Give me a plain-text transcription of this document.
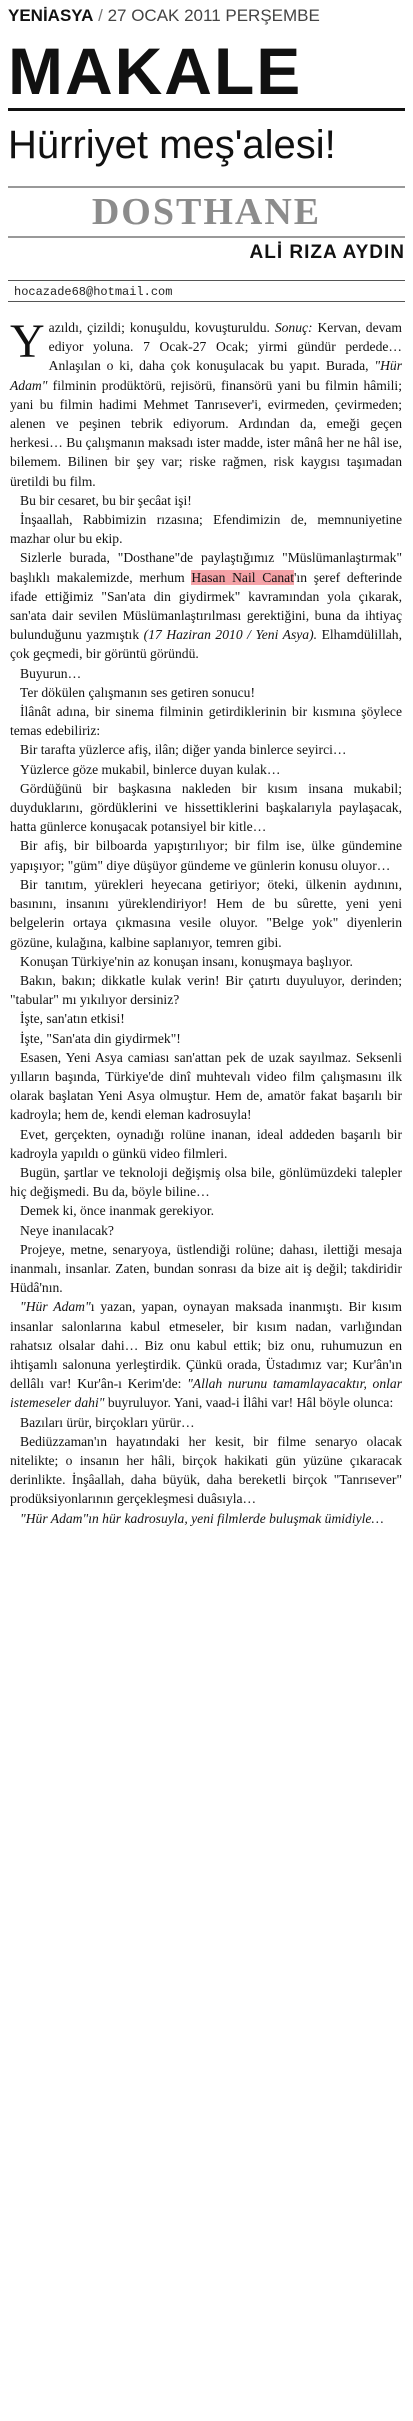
YENİASYA / 27 OCAK 2011 PERŞEMBE
MAKALE
Hürriyet meş'alesi!
DOSTHANE
ALİ RIZA AYDIN
hocazade68@hotmail.com

Yazıldı, çizildi; konuşuldu, kovuşturuldu. Sonuç: Kervan, devam ediyor yoluna. 7 Ocak-27 Ocak; yirmi gündür perdede… Anlaşılan o ki, daha çok konuşulacak bu yapıt. Burada, "Hür Adam" filminin prodüktörü, rejisörü, finansörü yani bu filmin hâmili; yani bu filmin hadimi Mehmet Tanrısever'i, evirmeden, çevirmeden; alenen ve peşinen tebrik ediyorum. Ardından da, emeği geçen herkesi… Bu çalışmanın maksadı ister madde, ister mânâ her ne hâl ise, bilemem. Bilinen bir şey var; riske rağmen, risk kaygısı taşımadan üretildi bu film.

Bu bir cesaret, bu bir şecâat işi!

İnşaallah, Rabbimizin rızasına; Efendimizin de, memnuniyetine mazhar olur bu ekip.

Sizlerle burada, "Dosthane"de paylaştığımız "Müslümanlaştırmak" başlıklı makalemizde, merhum Hasan Nail Canat'ın şeref defterinde ifade ettiğimiz "San'ata din giydirmek" kavramından yola çıkarak, san'ata dair sevilen Müslümanlaştırılması gerektiğini, buna da ihtiyaç bulunduğunu yazmıştık (17 Haziran 2010 / Yeni Asya). Elhamdülillah, çok geçmedi, bir görüntü göründü.

Buyurun…

Ter dökülen çalışmanın ses getiren sonucu!

İlânât adına, bir sinema filminin getirdiklerinin bir kısmına şöylece temas edebiliriz:

Bir tarafta yüzlerce afiş, ilân; diğer yanda binlerce seyirci…

Yüzlerce göze mukabil, binlerce duyan kulak…

Gördüğünü bir başkasına nakleden bir kısım insana mukabil; duyduklarını, gördüklerini ve hissettiklerini başkalarıyla paylaşacak, hatta günlerce konuşacak potansiyel bir kitle…

Bir afiş, bir bilboarda yapıştırılıyor; bir film ise, ülke gündemine yapışıyor; "güm" diye düşüyor gündeme ve günlerin konusu oluyor…

Bir tanıtım, yürekleri heyecana getiriyor; öteki, ülkenin aydınını, basınını, insanını yüreklendiriyor! Hem de bu sûrette, yeni yeni belgelerin ortaya çıkmasına vesile oluyor. "Belge yok" diyenlerin gözüne, kulağına, kalbine saplanıyor, temren gibi.

Konuşan Türkiye'nin az konuşan insanı, konuşmaya başlıyor.

Bakın, bakın; dikkatle kulak verin! Bir çatırtı duyuluyor, derinden; "tabular" mı yıkılıyor dersiniz?

İşte, san'atın etkisi!

İşte, "San'ata din giydirmek"!

Esasen, Yeni Asya camiası san'attan pek de uzak sayılmaz. Seksenli yılların başında, Türkiye'de dinî muhtevalı video film çalışmasını ilk olarak başlatan Yeni Asya olmuştur. Hem de, amatör fakat başarılı bir kadroyla; hem de, kendi eleman kadrosuyla!

Evet, gerçekten, oynadığı rolüne inanan, ideal addeden başarılı bir kadroyla yapıldı o günkü video filmleri.

Bugün, şartlar ve teknoloji değişmiş olsa bile, gönlümüzdeki talepler hiç değişmedi. Bu da, böyle biline…

Demek ki, önce inanmak gerekiyor.

Neye inanılacak?

Projeye, metne, senaryoya, üstlendiği rolüne; dahası, ilettiği mesaja inanmalı, insanlar. Zaten, bundan sonrası da bize ait iş değil; takdiridir Hüdâ'nın.

"Hür Adam"ı yazan, yapan, oynayan maksada inanmıştı. Bir kısım insanlar salonlarına kabul etmeseler, bir kısım nadan, varlığından rahatsız olsalar dahi… Biz onu kabul ettik; biz onu, ruhumuzun en ihtişamlı salonuna yerleştirdik. Çünkü orada, Üstadımız var; Kur'ân'ın dellâlı var! Kur'ân-ı Kerim'de: "Allah nurunu tamamlayacaktır, onlar istemeseler dahi" buyruluyor. Yani, vaad-i İlâhi var! Hâl böyle olunca:

Bazıları ürür, birçokları yürür…

Bediüzzaman'ın hayatındaki her kesit, bir filme senaryo olacak nitelikte; o insanın her hâli, birçok hakikati gün yüzüne çıkaracak derinlikte. İnşâallah, daha büyük, daha bereketli birçok "Tanrısever" prodüksiyonlarının gerçekleşmesi duâsıyla…

"Hür Adam"ın hür kadrosuyla, yeni filmlerde buluşmak ümidiyle…
